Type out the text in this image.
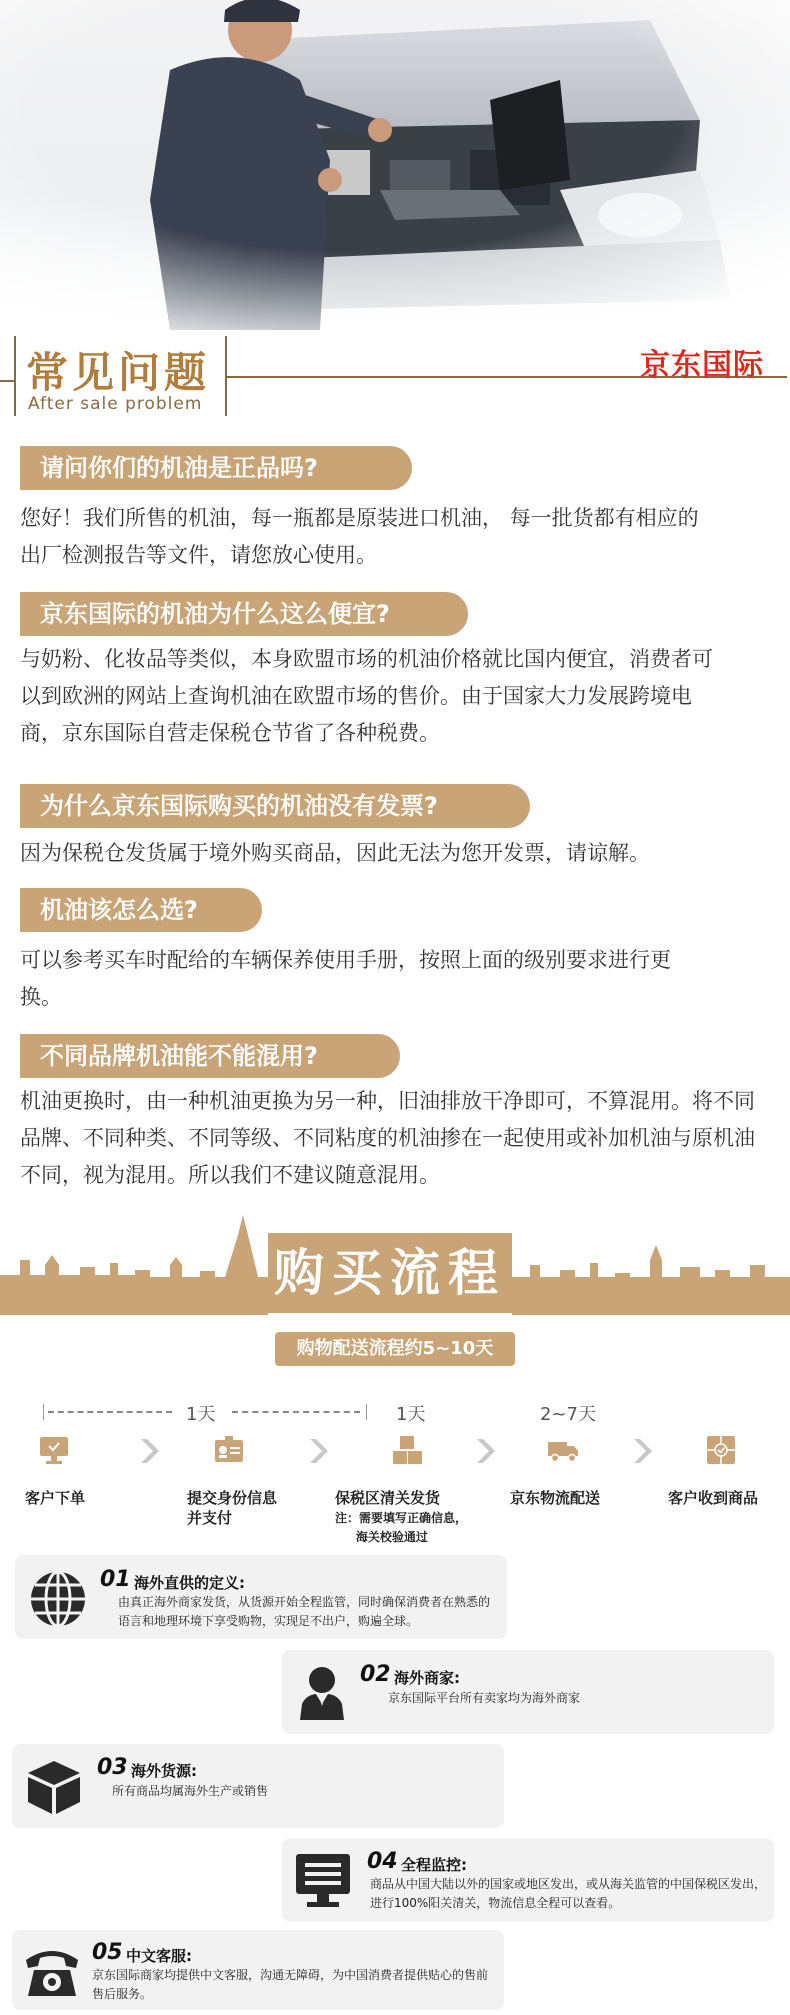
常见问题
After sale problem
京东国际
请问你们的机油是正品吗?
您好！我们所售的机油，每一瓶都是原装进口机油， 每一批货都有相应的出厂检测报告等文件，请您放心使用。
京东国际的机油为什么这么便宜?
与奶粉、化妆品等类似，本身欧盟市场的机油价格就比国内便宜，消费者可以到欧洲的网站上查询机油在欧盟市场的售价。由于国家大力发展跨境电商，京东国际自营走保税仓节省了各种税费。
为什么京东国际购买的机油没有发票?
因为保税仓发货属于境外购买商品，因此无法为您开发票，请谅解。
机油该怎么选?
可以参考买车时配给的车辆保养使用手册，按照上面的级别要求进行更换。
不同品牌机油能不能混用?
机油更换时，由一种机油更换为另一种，旧油排放干净即可，不算混用。将不同品牌、不同种类、不同等级、不同粘度的机油掺在一起使用或补加机油与原机油不同，视为混用。所以我们不建议随意混用。
购买流程
购物配送流程约5~10天
1天	1天	2~7天
客户下单	提交身份信息
并支付
保税区清关发货
注：需要填写正确信息，
海关校验通过
京东物流配送	客户收到商品
01 海外直供的定义:
由真正海外商家发货，从货源开始全程监管，同时确保消费者在熟悉的语言和地理环境下享受购物，实现足不出户，购遍全球。
02 海外商家:
京东国际平台所有卖家均为海外商家
03 海外货源:
所有商品均属海外生产或销售
04 全程监控:
商品从中国大陆以外的国家或地区发出，或从海关监管的中国保税区发出，进行100%阳关清关，物流信息全程可以查看。
05 中文客服:
京东国际商家均提供中文客服，沟通无障碍，为中国消费者提供贴心的售前售后服务。
